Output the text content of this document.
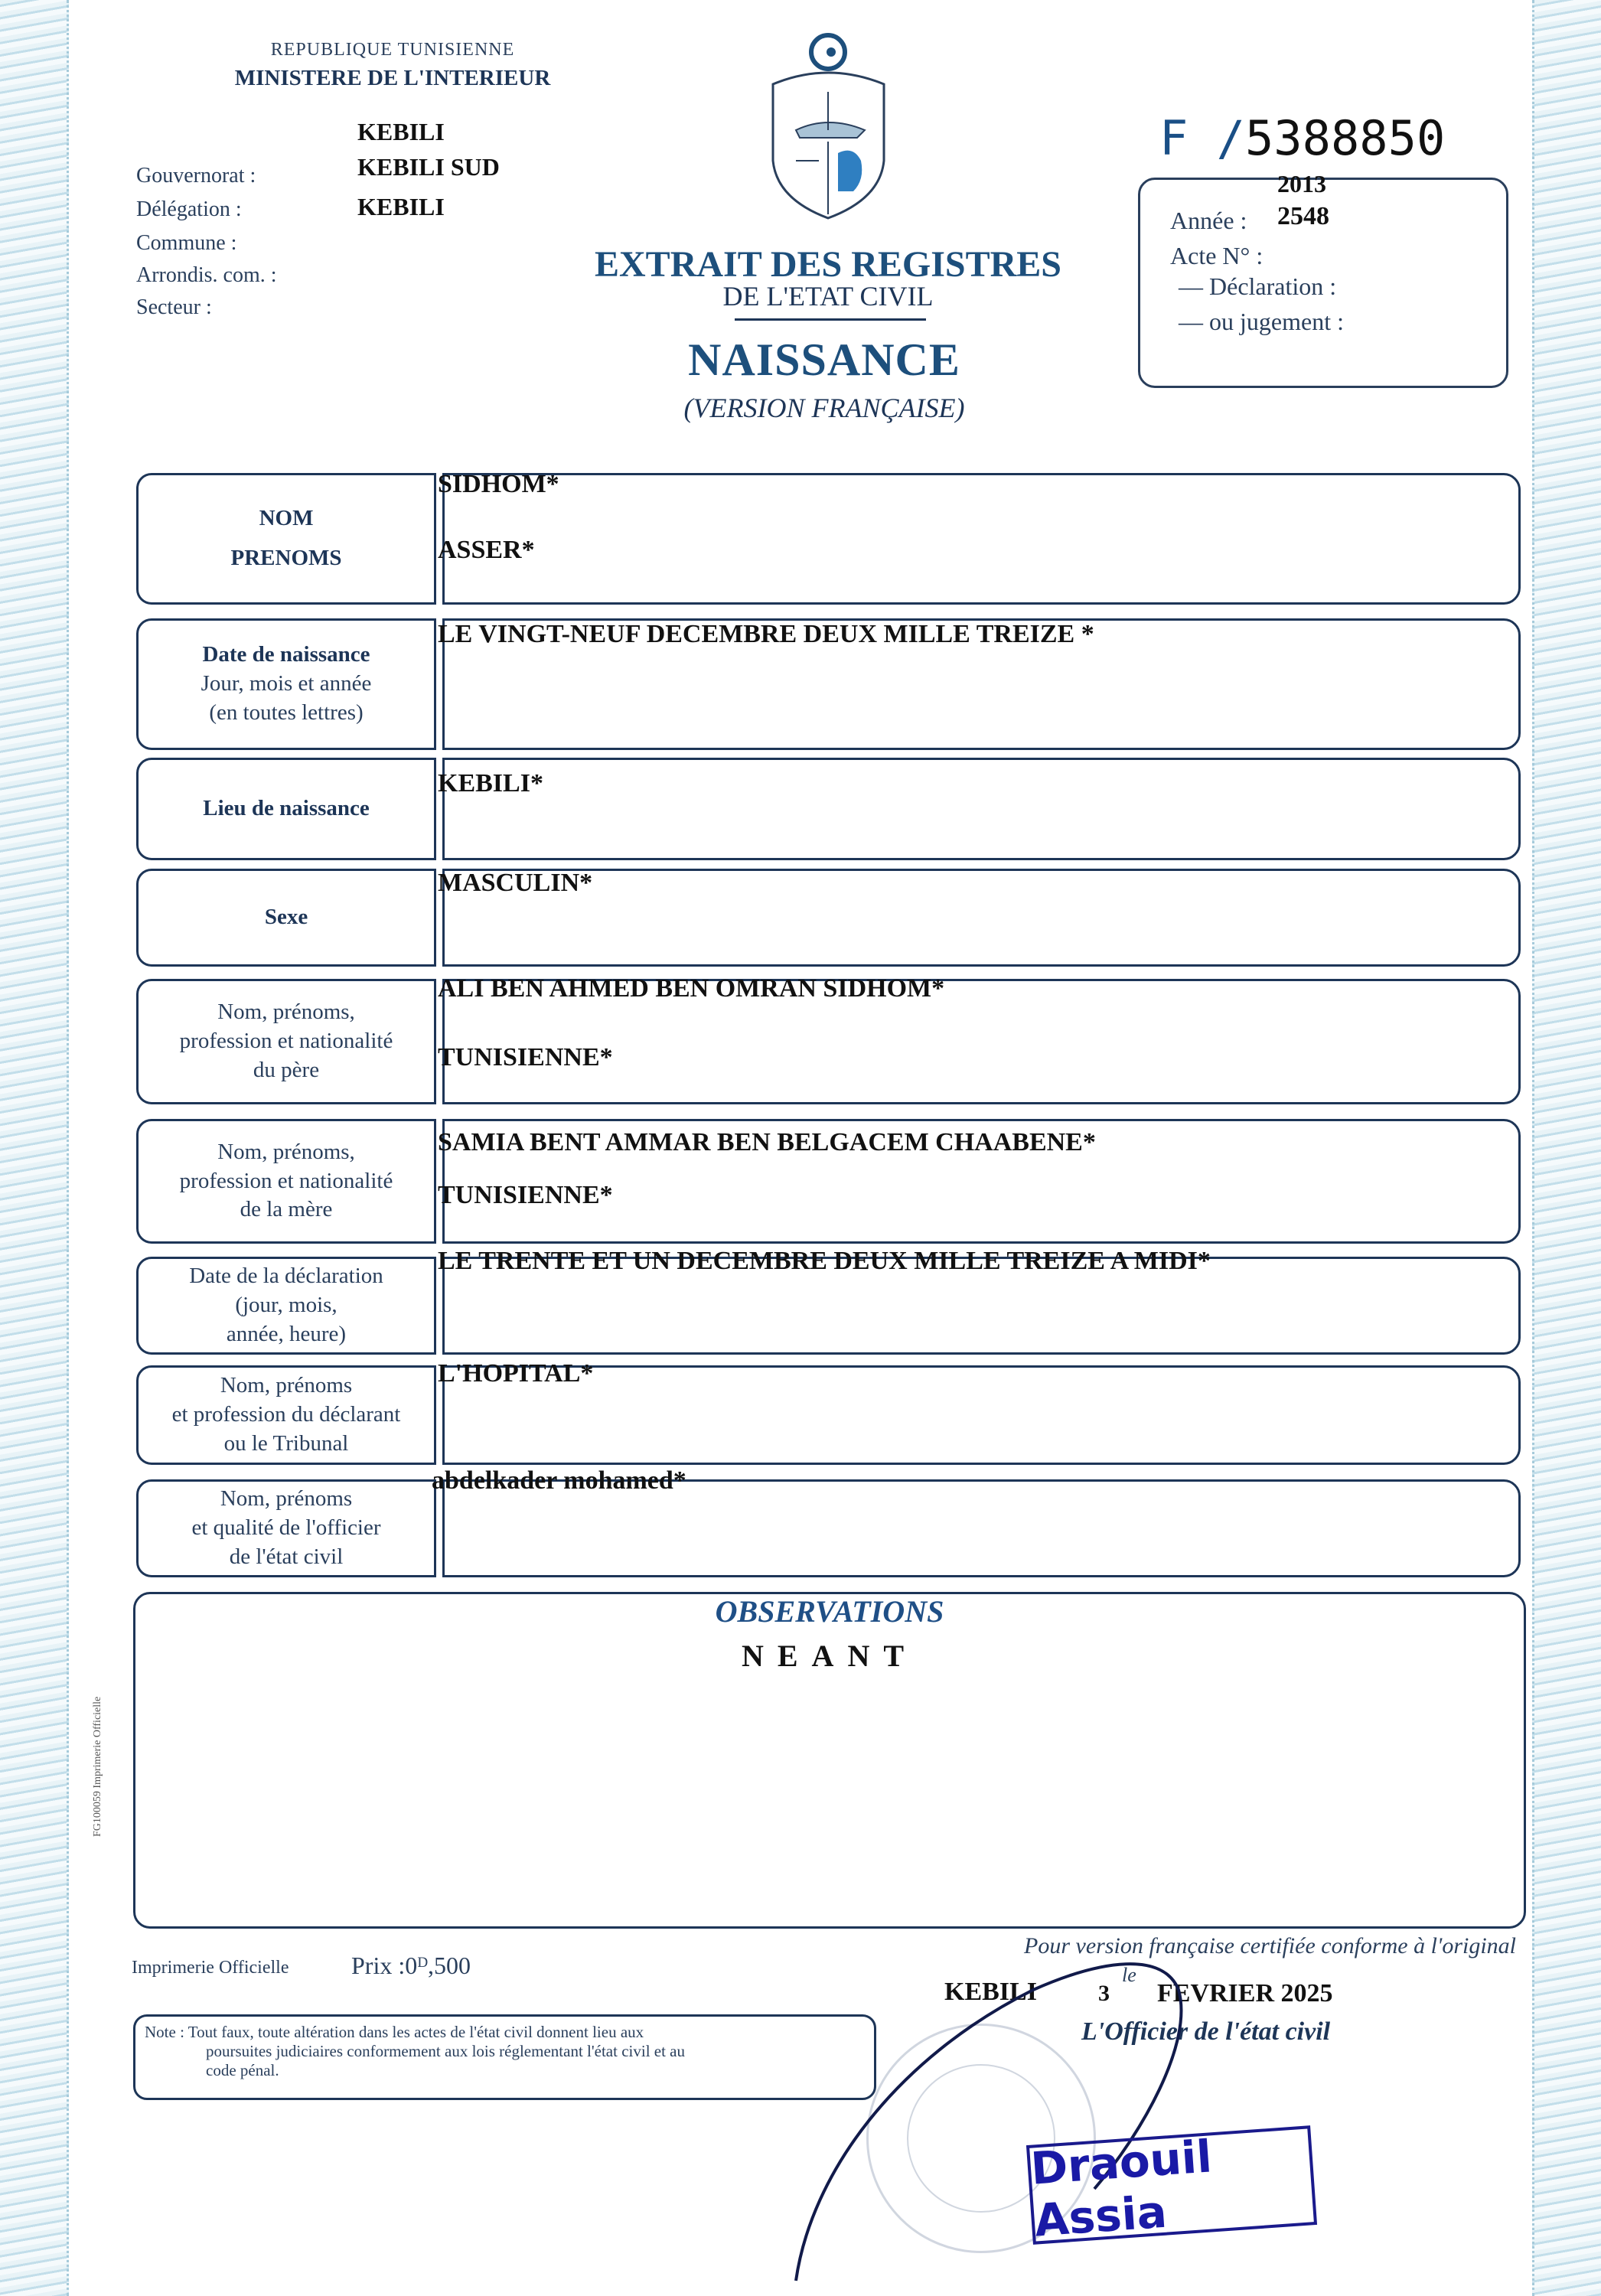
REPUBLIQUE TUNISIENNE
MINISTERE DE L'INTERIEUR
Gouvernorat :
Délégation :
Commune :
Arrondis. com. :
Secteur :
KEBILI
KEBILI SUD
KEBILI
EXTRAIT DES REGISTRES
DE L'ETAT CIVIL
NAISSANCE
(VERSION FRANÇAISE)
F /5388850
2013
Année : 2548
Acte N° :
— Déclaration :
— ou jugement :
NOM
PRENOMS
SIDHOM*
ASSER*
Date de naissance
Jour, mois et année
(en toutes lettres)
LE VINGT-NEUF DECEMBRE DEUX MILLE TREIZE *
Lieu de naissance
KEBILI*
Sexe
MASCULIN*
Nom, prénoms,
profession et nationalité
du père
ALI BEN AHMED BEN OMRAN SIDHOM*
TUNISIENNE*
Nom, prénoms,
profession et nationalité
de la mère
SAMIA BENT AMMAR BEN BELGACEM CHAABENE*
TUNISIENNE*
Date de la déclaration
(jour, mois,
année, heure)
LE TRENTE ET UN DECEMBRE DEUX MILLE TREIZE A MIDI*
Nom, prénoms
et profession du déclarant
ou le Tribunal
L'HOPITAL*
Nom, prénoms
et qualité de l'officier
de l'état civil
abdelkader mohamed*
OBSERVATIONS
NEANT
FG100059 Imprimerie Officielle
Imprimerie Officielle	Prix :0ᴰ,500
Pour version française certifiée conforme à l'original
KEBILI	3
le
FEVRIER 2025
L'Officier de l'état civil
Note : Tout faux, toute altération dans les actes de l'état civil donnent lieu aux
poursuites judiciaires conformement aux lois réglementant l'état civil et au
code pénal.
Draouil Assia
